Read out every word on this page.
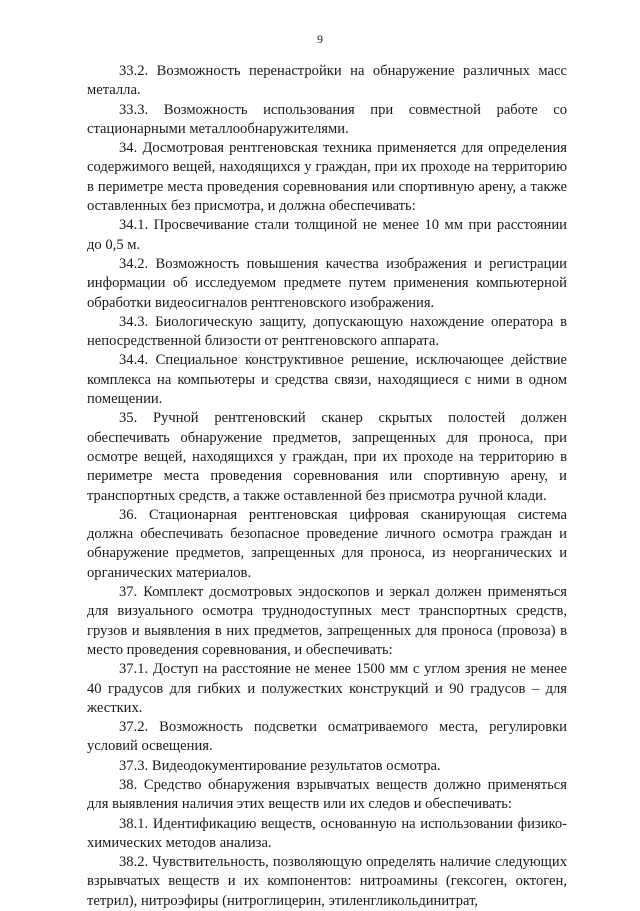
9

33.2. Возможность перенастройки на обнаружение различных масс металла.

33.3. Возможность использования при совместной работе со стационарными металлообнаружителями.

34. Досмотровая рентгеновская техника применяется для определения содержимого вещей, находящихся у граждан, при их проходе на территорию в периметре места проведения соревнования или спортивную арену, а также оставленных без присмотра, и должна обеспечивать:

34.1. Просвечивание стали толщиной не менее 10 мм при расстоянии до 0,5 м.

34.2. Возможность повышения качества изображения и регистрации информации об исследуемом предмете путем применения компьютерной обработки видеосигналов рентгеновского изображения.

34.3. Биологическую защиту, допускающую нахождение оператора в непосредственной близости от рентгеновского аппарата.

34.4. Специальное конструктивное решение, исключающее действие комплекса на компьютеры и средства связи, находящиеся с ними в одном помещении.

35. Ручной рентгеновский сканер скрытых полостей должен обеспечивать обнаружение предметов, запрещенных для проноса, при осмотре вещей, находящихся у граждан, при их проходе на территорию в периметре места проведения соревнования или спортивную арену, и транспортных средств, а также оставленной без присмотра ручной клади.

36. Стационарная рентгеновская цифровая сканирующая система должна обеспечивать безопасное проведение личного осмотра граждан и обнаружение предметов, запрещенных для проноса, из неорганических и органических материалов.

37. Комплект досмотровых эндоскопов и зеркал должен применяться для визуального осмотра труднодоступных мест транспортных средств, грузов и выявления в них предметов, запрещенных для проноса (провоза) в место проведения соревнования, и обеспечивать:

37.1. Доступ на расстояние не менее 1500 мм с углом зрения не менее 40 градусов для гибких и полужестких конструкций и 90 градусов – для жестких.

37.2. Возможность подсветки осматриваемого места, регулировки условий освещения.

37.3. Видеодокументирование результатов осмотра.

38. Средство обнаружения взрывчатых веществ должно применяться для выявления наличия этих веществ или их следов и обеспечивать:

38.1. Идентификацию веществ, основанную на использовании физико-химических методов анализа.

38.2. Чувствительность, позволяющую определять наличие следующих взрывчатых веществ и их компонентов: нитроамины (гексоген, октоген, тетрил), нитроэфиры (нитроглицерин, этиленгликольдинитрат,
